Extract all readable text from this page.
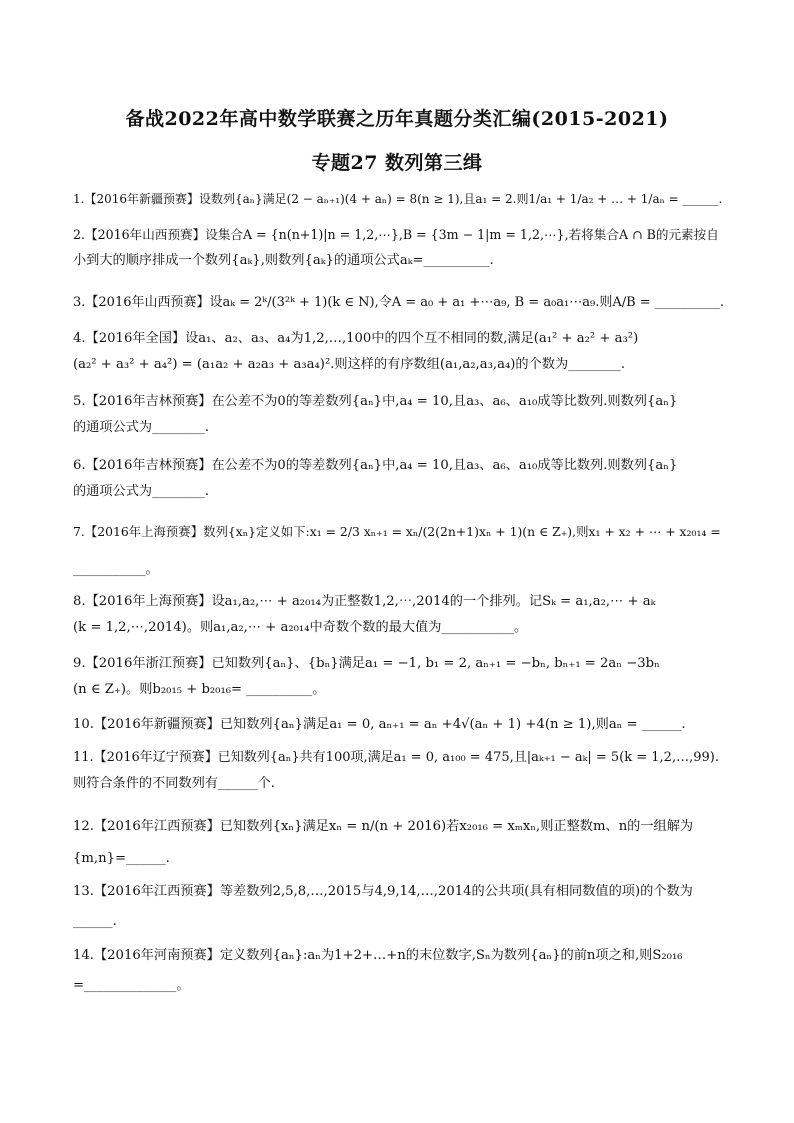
备战2022年高中数学联赛之历年真题分类汇编(2015-2021)
专题27 数列第三缉
1.【2016年新疆预赛】设数列{aₙ}满足(2 − aₙ₊₁)(4 + aₙ) = 8(n ≥ 1),且a₁ = 2.则1/a₁ + 1/a₂ + … + 1/aₙ = ______.
2.【2016年山西预赛】设集合A = {n(n+1)|n = 1,2,⋯},B = {3m − 1|m = 1,2,⋯},若将集合A ∩ B的元素按自
小到大的顺序排成一个数列{aₖ},则数列{aₖ}的通项公式aₖ=__________.
3.【2016年山西预赛】设aₖ = 2ᵏ/(3²ᵏ + 1)(k ∈ N),令A = a₀ + a₁ +⋯a₉, B = a₀a₁⋯a₉.则A/B = __________.
4.【2016年全国】设a₁、a₂、a₃、a₄为1,2,…,100中的四个互不相同的数,满足(a₁² + a₂² + a₃²)
(a₂² + a₃² + a₄²) = (a₁a₂ + a₂a₃ + a₃a₄)².则这样的有序数组(a₁,a₂,a₃,a₄)的个数为________.
5.【2016年吉林预赛】在公差不为0的等差数列{aₙ}中,a₄ = 10,且a₃、a₆、a₁₀成等比数列.则数列{aₙ}
的通项公式为________.
6.【2016年吉林预赛】在公差不为0的等差数列{aₙ}中,a₄ = 10,且a₃、a₆、a₁₀成等比数列.则数列{aₙ}
的通项公式为________.
7.【2016年上海预赛】数列{xₙ}定义如下:x₁ = 2/3 xₙ₊₁ = xₙ/(2(2n+1)xₙ + 1)(n ∈ Z₊),则x₁ + x₂ + ⋯ + x₂₀₁₄ =
___________。
8.【2016年上海预赛】设a₁,a₂,⋯ + a₂₀₁₄为正整数1,2,⋯,2014的一个排列。记Sₖ = a₁,a₂,⋯ + aₖ
(k = 1,2,⋯,2014)。则a₁,a₂,⋯ + a₂₀₁₄中奇数个数的最大值为___________。
9.【2016年浙江预赛】已知数列{aₙ}、{bₙ}满足a₁ = −1, b₁ = 2, aₙ₊₁ = −bₙ, bₙ₊₁ = 2aₙ −3bₙ
(n ∈ Z₊)。则b₂₀₁₅ + b₂₀₁₆= __________。
10.【2016年新疆预赛】已知数列{aₙ}满足a₁ = 0, aₙ₊₁ = aₙ +4√(aₙ + 1) +4(n ≥ 1),则aₙ = ______.
11.【2016年辽宁预赛】已知数列{aₙ}共有100项,满足a₁ = 0, a₁₀₀ = 475,且|aₖ₊₁ − aₖ| = 5(k = 1,2,…,99).
则符合条件的不同数列有______个.
12.【2016年江西预赛】已知数列{xₙ}满足xₙ = n/(n + 2016)若x₂₀₁₆ = xₘxₙ,则正整数m、n的一组解为
{m,n}=______.
13.【2016年江西预赛】等差数列2,5,8,…,2015与4,9,14,…,2014的公共项(具有相同数值的项)的个数为
______.
14.【2016年河南预赛】定义数列{aₙ}:aₙ为1+2+…+n的末位数字,Sₙ为数列{aₙ}的前n项之和,则S₂₀₁₆
=______________。
